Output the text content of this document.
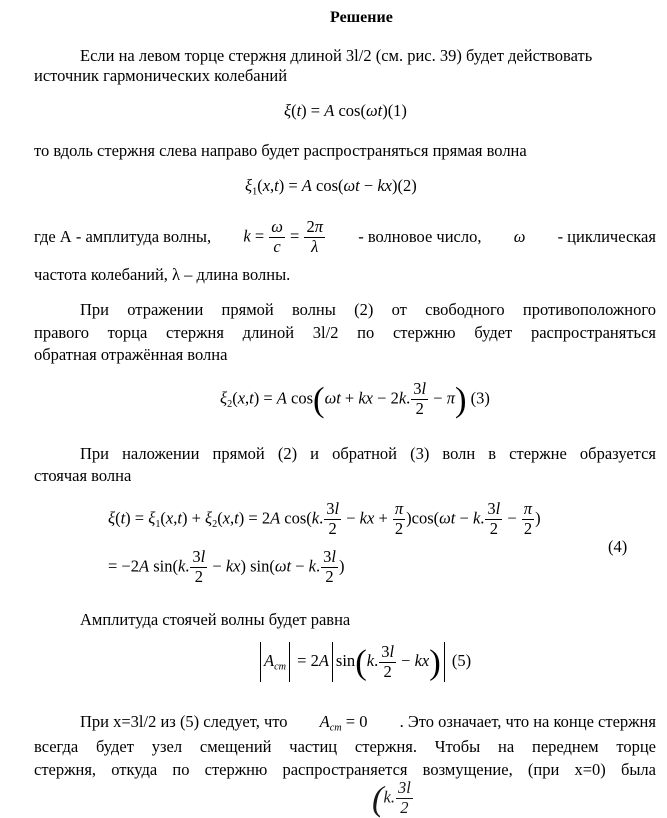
Решение
Если на левом торце стержня длиной 3l/2 (см. рис. 39) будет действовать
источник гармонических колебаний
ξ(t) = A cos(ωt)(1)
то вдоль стержня слева направо будет распространяться прямая волна
$\xi_1(x,t) = A$ cos(ωt − kx)(2)
где А - амплитуда волны, $k = \frac{\omega}{c} = \frac{2\pi}{\lambda}$ - волновое число, ω - циклическая
частота колебаний, λ – длина волны.
При отражении прямой волны (2) от свободного противоположного
правого торца стержня длиной 3l/2 по стержню будет распространяться
обратная отражённая волна
$\xi_2(x,t) = A$ cos(ωt + kx − 2k. $\frac{3l}{2} - \pi$) (3)
При наложении прямой (2) и обратной (3) волн в стержне образуется
стоячая волна
$\xi(t) = \xi_1(x,t) + \xi_2(x,t) = 2A$ cos(k. $\frac{3l}{2}$ − kx + $\frac{\pi}{2} )\cos(\omega t - k$. $\frac{3l}{2} - \frac{\pi}{2}$ )
(4)
= −2A sin(k. $\frac{3l}{2} - kx$) sin(ωt − k. $\frac{3l}{2}$ )
Амплитуда стоячей волны будет равна
$A_{ст} = 2A$ sin(k. $\frac{3l}{2} - kx$) (5)
При x=3l/2 из (5) следует, что $A_{ст} = 0$ . Это означает, что на конце стержня
всегда будет узел смещений частиц стержня. Чтобы на переднем торце
стержня, откуда по стержню распространяется возмущение, (при x=0) была
(k. $\frac{3l}{2}$
